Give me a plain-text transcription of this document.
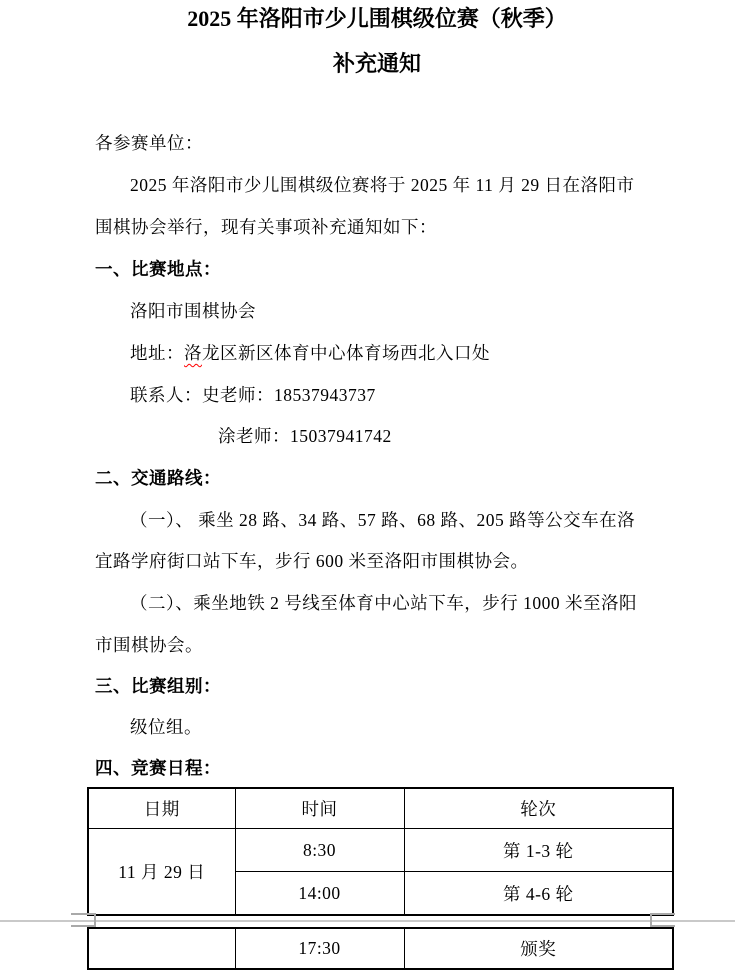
2025 年洛阳市少儿围棋级位赛（秋季）
补充通知
各参赛单位：
2025 年洛阳市少儿围棋级位赛将于 2025 年 11 月 29 日在洛阳市
围棋协会举行，现有关事项补充通知如下：
一、比赛地点：
洛阳市围棋协会
地址：洛龙区新区体育中心体育场西北入口处
联系人：史老师：18537943737
涂老师：15037941742
二、交通路线：
（一）、 乘坐 28 路、34 路、57 路、68 路、205 路等公交车在洛
宜路学府街口站下车，步行 600 米至洛阳市围棋协会。
（二）、乘坐地铁 2 号线至体育中心站下车，步行 1000 米至洛阳
市围棋协会。
三、比赛组别：
级位组。
四、竞赛日程：
日期	时间	轮次
11 月 29 日	8:30	第 1-3 轮
	14:00	第 4-6 轮
	17:30	颁奖
